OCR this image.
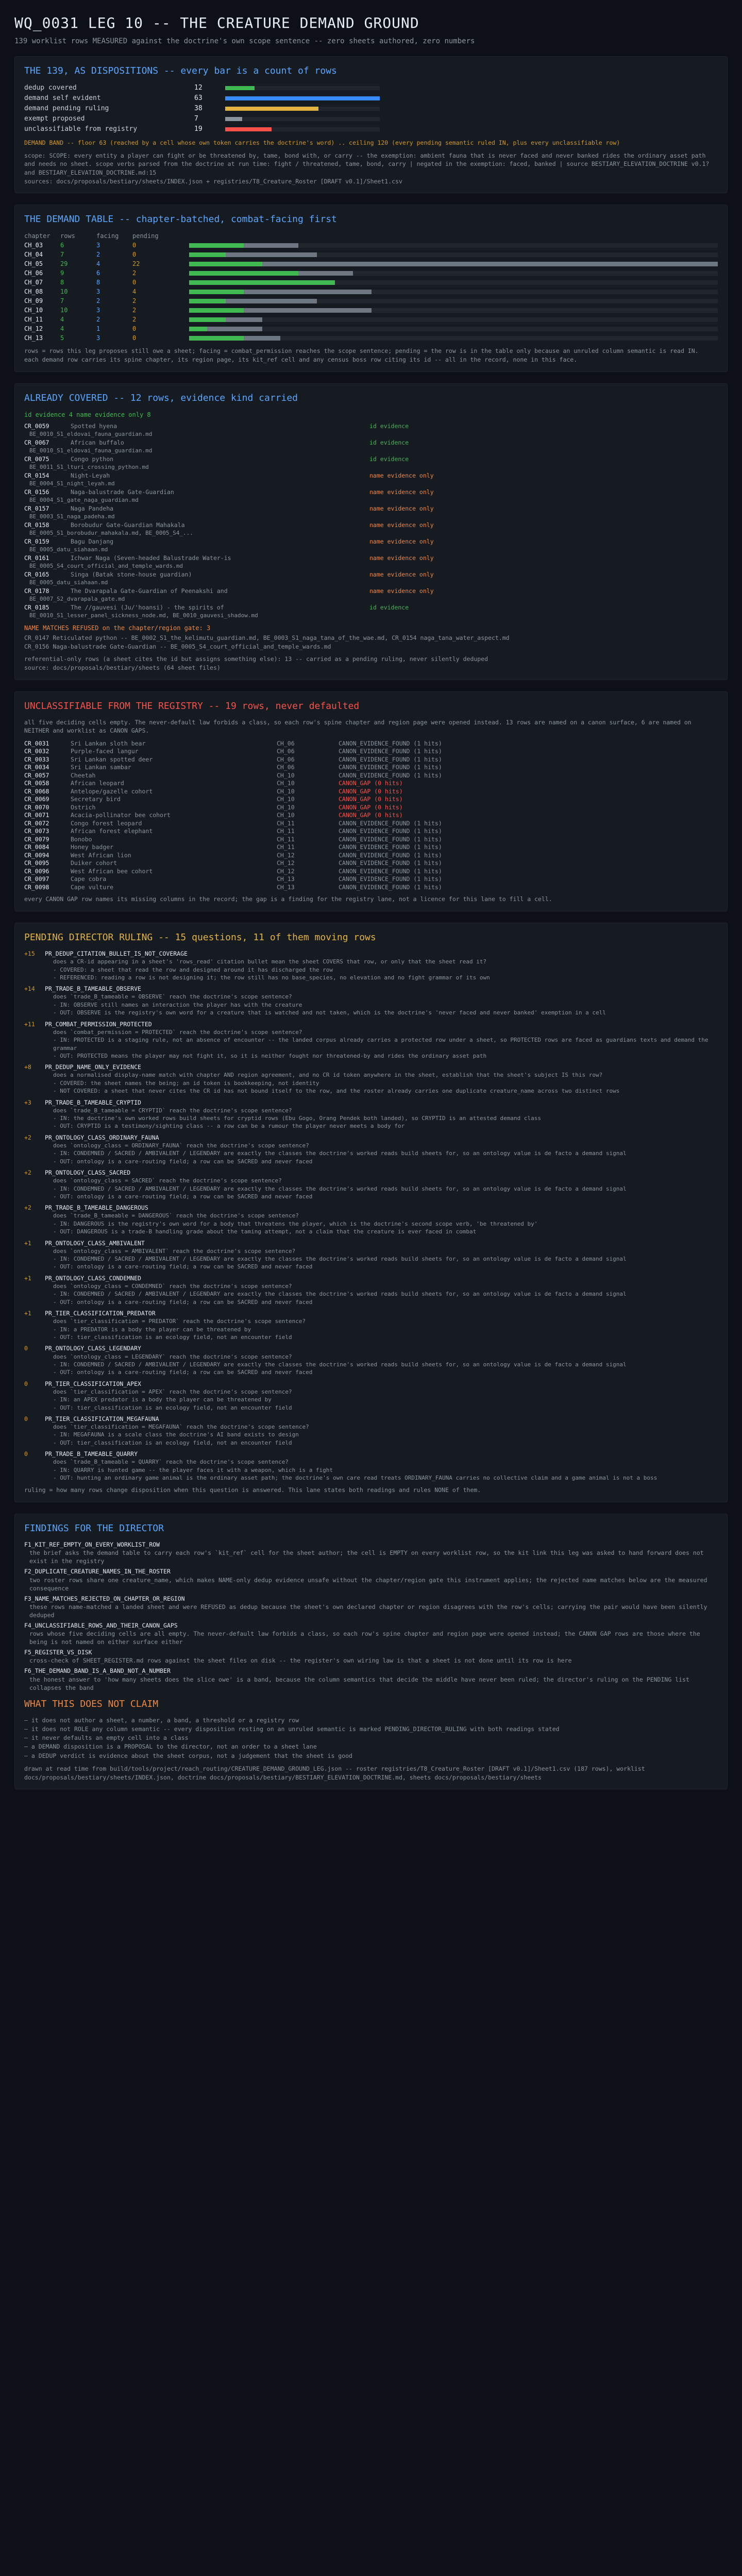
WQ_0031 LEG 10 -- THE CREATURE DEMAND GROUND
139 worklist rows MEASURED against the doctrine's own scope sentence -- zero sheets authored, zero numbers
THE 139, AS DISPOSITIONS -- every bar is a count of rows
dedup covered	12
demand self evident	63
demand pending ruling	38
exempt proposed	7
unclassifiable from registry	19
DEMAND BAND -- floor 63 (reached by a cell whose own token carries the doctrine's word) .. ceiling 120 (every pending semantic ruled IN, plus every unclassifiable row)
scope: SCOPE: every entity a player can fight or be threatened by, tame, bond with, or carry -- the exemption: ambient fauna that is never faced and never banked rides the ordinary asset path and needs no sheet. scope verbs parsed from the doctrine at run time: fight / threatened, tame, bond, carry | negated in the exemption: faced, banked | source BESTIARY_ELEVATION_DOCTRINE v0.1? and BESTIARY_ELEVATION_DOCTRINE.md:15
sources: docs/proposals/bestiary/sheets/INDEX.json + registries/T8_Creature_Roster [DRAFT v0.1]/Sheet1.csv
THE DEMAND TABLE -- chapter-batched, combat-facing first
chapter	rows	facing	pending
CH_03	6	3	0
CH_04	7	2	0
CH_05	29	4	22
CH_06	9	6	2
CH_07	8	8	0
CH_08	10	3	4
CH_09	7	2	2
CH_10	10	3	2
CH_11	4	2	2
CH_12	4	1	0
CH_13	5	3	0
rows = rows this leg proposes still owe a sheet; facing = combat_permission reaches the scope sentence; pending = the row is in the table only because an unruled column semantic is read IN.
each demand row carries its spine chapter, its region page, its kit_ref cell and any census boss row citing its id -- all in the record, none in this face.
ALREADY COVERED -- 12 rows, evidence kind carried
id evidence 4 name evidence only 8
CR_0059	Spotted hyena	id evidence
BE_0010_S1_eldovai_fauna_guardian.md
CR_0067	African buffalo	id evidence
BE_0010_S1_eldovai_fauna_guardian.md
CR_0075	Congo python	id evidence
BE_0011_S1_lturi_crossing_python.md
CR_0154	Night-Leyah	name evidence only
BE_0004_S1_night_leyah.md
CR_0156	Naga-balustrade Gate-Guardian	name evidence only
BE_0004_S1_gate_naga_guardian.md
CR_0157	Naga Pandeha	name evidence only
BE_0003_S1_naga_padeha.md
CR_0158	Borobudur Gate-Guardian Mahakala	name evidence only
BE_0005_S1_borobudur_mahakala.md, BE_0005_S4_...
CR_0159	Bagu Danjang	name evidence only
BE_0005_datu_siahaan.md
CR_0161	Ichwar Naga (Seven-headed Balustrade Water-is	name evidence only
BE_0005_S4_court_official_and_temple_wards.md
CR_0165	Singa (Batak stone-house guardian)	name evidence only
BE_0005_datu_siahaan.md
CR_0178	The Dvarapala Gate-Guardian of Peenakshi and	name evidence only
BE_0007_S2_dvarapala_gate.md
CR_0185	The //gauvesi (Ju/'hoansi) - the spirits of	id evidence
BE_0010_S1_lesser_panel_sickness_node.md, BE_0010_gauvesi_shadow.md
NAME MATCHES REFUSED on the chapter/region gate: 3
CR_0147 Reticulated python -- BE_0002_S1_the_kelimutu_guardian.md, BE_0003_S1_naga_tana_of_the_wae.md, CR_0154 naga_tana_water_aspect.md
CR_0156 Naga-balustrade Gate-Guardian -- BE_0005_S4_court_official_and_temple_wards.md
referential-only rows (a sheet cites the id but assigns something else): 13 -- carried as a pending ruling, never silently deduped
source: docs/proposals/bestiary/sheets (64 sheet files)
UNCLASSIFIABLE FROM THE REGISTRY -- 19 rows, never defaulted
all five deciding cells empty. The never-default law forbids a class, so each row's spine chapter and region page were opened instead. 13 rows are named on a canon surface, 6 are named on NEITHER and worklist as CANON GAPS.
CR_0031	Sri Lankan sloth bear	CH_06	CANON_EVIDENCE_FOUND (1 hits)
CR_0032	Purple-faced langur	CH_06	CANON_EVIDENCE_FOUND (1 hits)
CR_0033	Sri Lankan spotted deer	CH_06	CANON_EVIDENCE_FOUND (1 hits)
CR_0034	Sri Lankan sambar	CH_06	CANON_EVIDENCE_FOUND (1 hits)
CR_0057	Cheetah	CH_10	CANON_EVIDENCE_FOUND (1 hits)
CR_0058	African leopard	CH_10	CANON_GAP (0 hits)
CR_0068	Antelope/gazelle cohort	CH_10	CANON_GAP (0 hits)
CR_0069	Secretary bird	CH_10	CANON_GAP (0 hits)
CR_0070	Ostrich	CH_10	CANON_GAP (0 hits)
CR_0071	Acacia-pollinator bee cohort	CH_10	CANON_GAP (0 hits)
CR_0072	Congo forest leopard	CH_11	CANON_EVIDENCE_FOUND (1 hits)
CR_0073	African forest elephant	CH_11	CANON_EVIDENCE_FOUND (1 hits)
CR_0079	Bonobo	CH_11	CANON_EVIDENCE_FOUND (1 hits)
CR_0084	Honey badger	CH_11	CANON_EVIDENCE_FOUND (1 hits)
CR_0094	West African lion	CH_12	CANON_EVIDENCE_FOUND (1 hits)
CR_0095	Duiker cohort	CH_12	CANON_EVIDENCE_FOUND (1 hits)
CR_0096	West African bee cohort	CH_12	CANON_EVIDENCE_FOUND (1 hits)
CR_0097	Cape cobra	CH_13	CANON_EVIDENCE_FOUND (1 hits)
CR_0098	Cape vulture	CH_13	CANON_EVIDENCE_FOUND (1 hits)
every CANON GAP row names its missing columns in the record; the gap is a finding for the registry lane, not a licence for this lane to fill a cell.
PENDING DIRECTOR RULING -- 15 questions, 11 of them moving rows
+15	PR_DEDUP_CITATION_BULLET_IS_NOT_COVERAGE
does a CR-id appearing in a sheet's 'rows_read' citation bullet mean the sheet COVERS that row, or only that the sheet read it?
- COVERED: a sheet that read the row and designed around it has discharged the row
- REFERENCED: reading a row is not designing it; the row still has no base_species, no elevation and no fight grammar of its own
+14	PR_TRADE_B_TAMEABLE_OBSERVE
does `trade_B_tameable = OBSERVE` reach the doctrine's scope sentence?
- IN: OBSERVE still names an interaction the player has with the creature
- OUT: OBSERVE is the registry's own word for a creature that is watched and not taken, which is the doctrine's 'never faced and never banked' exemption in a cell
+11	PR_COMBAT_PERMISSION_PROTECTED
does `combat_permission = PROTECTED` reach the doctrine's scope sentence?
- IN: PROTECTED is a staging rule, not an absence of encounter -- the landed corpus already carries a protected row under a sheet, so PROTECTED rows are faced as guardians texts and demand the grammar
- OUT: PROTECTED means the player may not fight it, so it is neither fought nor threatened-by and rides the ordinary asset path
+8	PR_DEDUP_NAME_ONLY_EVIDENCE
does a normalised display-name match with chapter AND region agreement, and no CR id token anywhere in the sheet, establish that the sheet's subject IS this row?
- COVERED: the sheet names the being; an id token is bookkeeping, not identity
- NOT COVERED: a sheet that never cites the CR id has not bound itself to the row, and the roster already carries one duplicate creature_name across two distinct rows
+3	PR_TRADE_B_TAMEABLE_CRYPTID
does `trade_B_tameable = CRYPTID` reach the doctrine's scope sentence?
- IN: the doctrine's own worked rows build sheets for cryptid rows (Ebu Gogo, Orang Pendek both landed), so CRYPTID is an attested demand class
- OUT: CRYPTID is a testimony/sighting class -- a row can be a rumour the player never meets a body for
+2	PR_ONTOLOGY_CLASS_ORDINARY_FAUNA
does `ontology_class = ORDINARY_FAUNA` reach the doctrine's scope sentence?
- IN: CONDEMNED / SACRED / AMBIVALENT / LEGENDARY are exactly the classes the doctrine's worked reads build sheets for, so an ontology value is de facto a demand signal
- OUT: ontology is a care-routing field; a row can be SACRED and never faced
+2	PR_ONTOLOGY_CLASS_SACRED
does `ontology_class = SACRED` reach the doctrine's scope sentence?
- IN: CONDEMNED / SACRED / AMBIVALENT / LEGENDARY are exactly the classes the doctrine's worked reads build sheets for, so an ontology value is de facto a demand signal
- OUT: ontology is a care-routing field; a row can be SACRED and never faced
+2	PR_TRADE_B_TAMEABLE_DANGEROUS
does `trade_B_tameable = DANGEROUS` reach the doctrine's scope sentence?
- IN: DANGEROUS is the registry's own word for a body that threatens the player, which is the doctrine's second scope verb, 'be threatened by'
- OUT: DANGEROUS is a trade-B handling grade about the taming attempt, not a claim that the creature is ever faced in combat
+1	PR_ONTOLOGY_CLASS_AMBIVALENT
does `ontology_class = AMBIVALENT` reach the doctrine's scope sentence?
- IN: CONDEMNED / SACRED / AMBIVALENT / LEGENDARY are exactly the classes the doctrine's worked reads build sheets for, so an ontology value is de facto a demand signal
- OUT: ontology is a care-routing field; a row can be SACRED and never faced
+1	PR_ONTOLOGY_CLASS_CONDEMNED
does `ontology_class = CONDEMNED` reach the doctrine's scope sentence?
- IN: CONDEMNED / SACRED / AMBIVALENT / LEGENDARY are exactly the classes the doctrine's worked reads build sheets for, so an ontology value is de facto a demand signal
- OUT: ontology is a care-routing field; a row can be SACRED and never faced
+1	PR_TIER_CLASSIFICATION_PREDATOR
does `tier_classification = PREDATOR` reach the doctrine's scope sentence?
- IN: a PREDATOR is a body the player can be threatened by
- OUT: tier_classification is an ecology field, not an encounter field
0	PR_ONTOLOGY_CLASS_LEGENDARY
does `ontology_class = LEGENDARY` reach the doctrine's scope sentence?
- IN: CONDEMNED / SACRED / AMBIVALENT / LEGENDARY are exactly the classes the doctrine's worked reads build sheets for, so an ontology value is de facto a demand signal
- OUT: ontology is a care-routing field; a row can be SACRED and never faced
0	PR_TIER_CLASSIFICATION_APEX
does `tier_classification = APEX` reach the doctrine's scope sentence?
- IN: an APEX predator is a body the player can be threatened by
- OUT: tier_classification is an ecology field, not an encounter field
0	PR_TIER_CLASSIFICATION_MEGAFAUNA
does `tier_classification = MEGAFAUNA` reach the doctrine's scope sentence?
- IN: MEGAFAUNA is a scale class the doctrine's AI band exists to design
- OUT: tier_classification is an ecology field, not an encounter field
0	PR_TRADE_B_TAMEABLE_QUARRY
does `trade_B_tameable = QUARRY` reach the doctrine's scope sentence?
- IN: QUARRY is hunted game -- the player faces it with a weapon, which is a fight
- OUT: hunting an ordinary game animal is the ordinary asset path; the doctrine's own care read treats ORDINARY_FAUNA carries no collective claim and a game animal is not a boss
ruling = how many rows change disposition when this question is answered. This lane states both readings and rules NONE of them.
FINDINGS FOR THE DIRECTOR
F1_KIT_REF_EMPTY_ON_EVERY_WORKLIST_ROW
the brief asks the demand table to carry each row's `kit_ref` cell for the sheet author; the cell is EMPTY on every worklist row, so the kit link this leg was asked to hand forward does not exist in the registry
F2_DUPLICATE_CREATURE_NAMES_IN_THE_ROSTER
two roster rows share one creature_name, which makes NAME-only dedup evidence unsafe without the chapter/region gate this instrument applies; the rejected name matches below are the measured consequence
F3_NAME_MATCHES_REJECTED_ON_CHAPTER_OR_REGION
these rows name-matched a landed sheet and were REFUSED as dedup because the sheet's own declared chapter or region disagrees with the row's cells; carrying the pair would have been silently deduped
F4_UNCLASSIFIABLE_ROWS_AND_THEIR_CANON_GAPS
rows whose five deciding cells are all empty. The never-default law forbids a class, so each row's spine chapter and region page were opened instead; the CANON GAP rows are those where the being is not named on either surface either
F5_REGISTER_VS_DISK
cross-check of SHEET_REGISTER.md rows against the sheet files on disk -- the register's own wiring law is that a sheet is not done until its row is here
F6_THE_DEMAND_BAND_IS_A_BAND_NOT_A_NUMBER
the honest answer to 'how many sheets does the slice owe' is a band, because the column semantics that decide the middle have never been ruled; the director's ruling on the PENDING list collapses the band
WHAT THIS DOES NOT CLAIM
– it does not author a sheet, a number, a band, a threshold or a registry row
– it does not ROLE any column semantic -- every disposition resting on an unruled semantic is marked PENDING_DIRECTOR_RULING with both readings stated
– it never defaults an empty cell into a class
– a DEMAND disposition is a PROPOSAL to the director, not an order to a sheet lane
– a DEDUP verdict is evidence about the sheet corpus, not a judgement that the sheet is good
drawn at read time from build/tools/project/reach_routing/CREATURE_DEMAND_GROUND_LEG.json -- roster registries/T8_Creature_Roster [DRAFT v0.1]/Sheet1.csv (187 rows), worklist docs/proposals/bestiary/sheets/INDEX.json, doctrine docs/proposals/bestiary/BESTIARY_ELEVATION_DOCTRINE.md, sheets docs/proposals/bestiary/sheets
